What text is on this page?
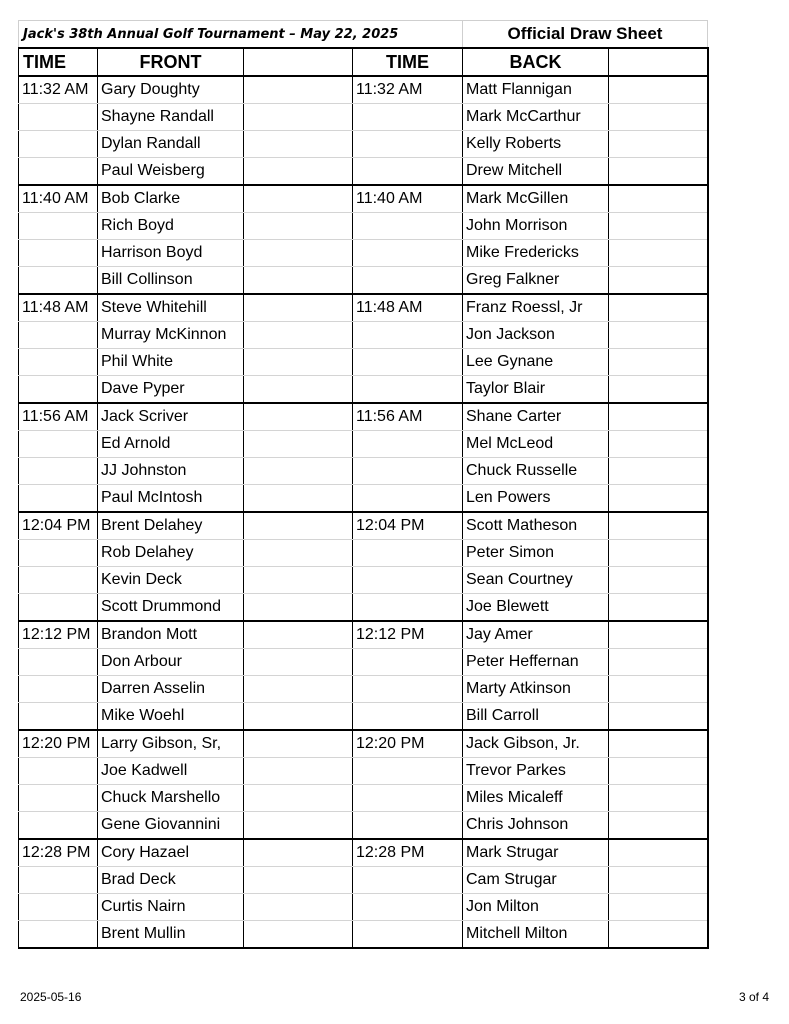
Jack's 38th Annual Golf Tournament – May 22, 2025				Official Draw Sheet	
TIME	FRONT		TIME	BACK	
11:32 AM	Gary Doughty		11:32 AM	Matt Flannigan	
	Shayne Randall			Mark McCarthur	
	Dylan Randall			Kelly Roberts	
	Paul Weisberg			Drew Mitchell	
11:40 AM	Bob Clarke		11:40 AM	Mark McGillen	
	Rich Boyd			John Morrison	
	Harrison Boyd			Mike Fredericks	
	Bill Collinson			Greg Falkner	
11:48 AM	Steve Whitehill		11:48 AM	Franz Roessl, Jr	
	Murray McKinnon			Jon Jackson	
	Phil White			Lee Gynane	
	Dave Pyper			Taylor Blair	
11:56 AM	Jack Scriver		11:56 AM	Shane Carter	
	Ed Arnold			Mel McLeod	
	JJ Johnston			Chuck Russelle	
	Paul McIntosh			Len Powers	
12:04 PM	Brent Delahey		12:04 PM	Scott Matheson	
	Rob Delahey			Peter Simon	
	Kevin Deck			Sean Courtney	
	Scott Drummond			Joe Blewett	
12:12 PM	Brandon Mott		12:12 PM	Jay Amer	
	Don Arbour			Peter Heffernan	
	Darren Asselin			Marty Atkinson	
	Mike Woehl			Bill Carroll	
12:20 PM	Larry Gibson, Sr,		12:20 PM	Jack Gibson, Jr.	
	Joe Kadwell			Trevor Parkes	
	Chuck Marshello			Miles Micaleff	
	Gene Giovannini			Chris Johnson	
12:28 PM	Cory Hazael		12:28 PM	Mark Strugar	
	Brad Deck			Cam Strugar	
	Curtis Nairn			Jon Milton	
	Brent Mullin			Mitchell Milton	
2025-05-16	3 of 4
